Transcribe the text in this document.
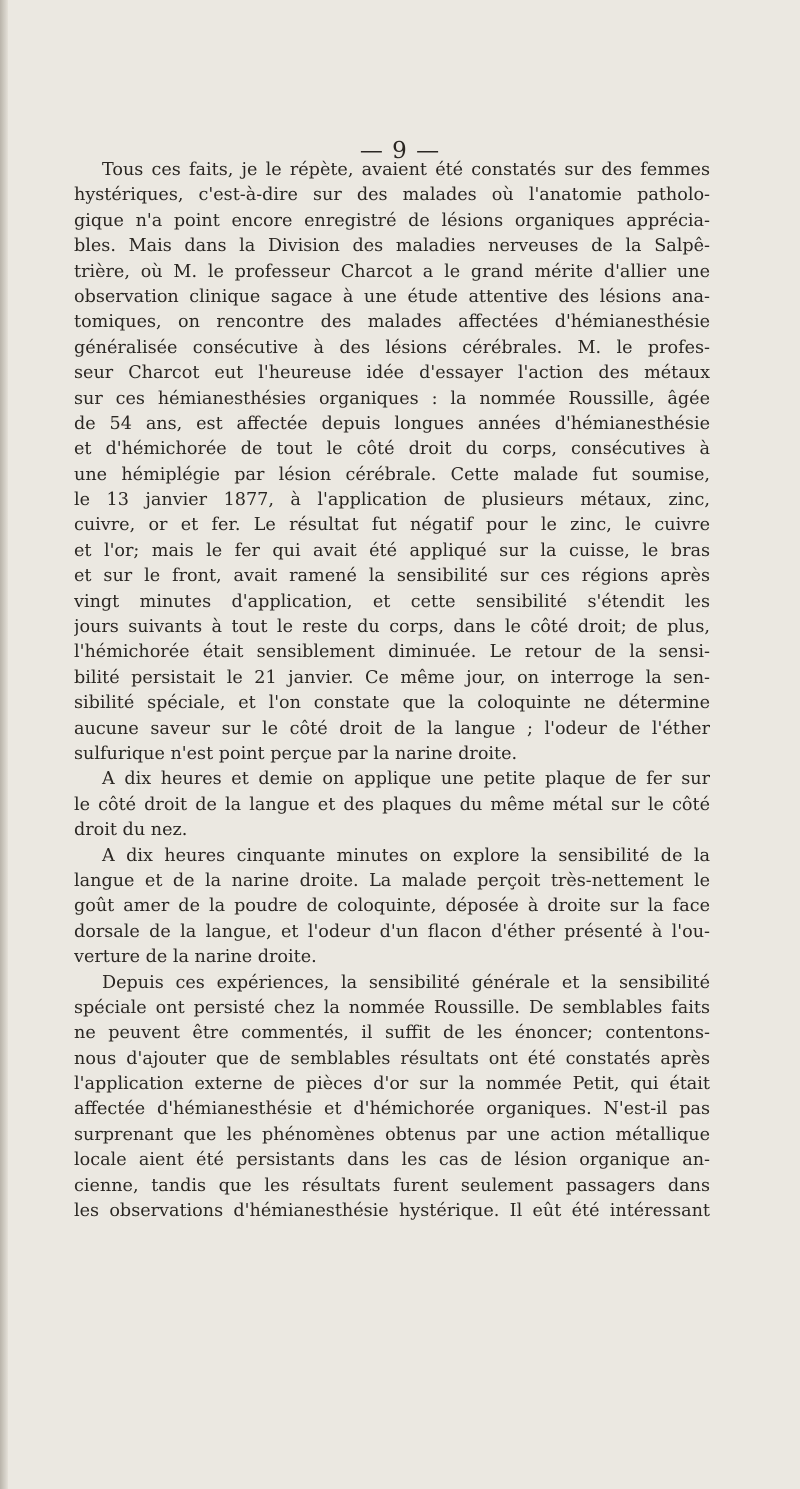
— 9 —
Tous ces faits, je le répète, avaient été constatés sur des femmes
hystériques, c'est-à-dire sur des malades où l'anatomie patholo-
gique n'a point encore enregistré de lésions organiques apprécia-
bles. Mais dans la Division des maladies nerveuses de la Salpê-
trière, où M. le professeur Charcot a le grand mérite d'allier une
observation clinique sagace à une étude attentive des lésions ana-
tomiques, on rencontre des malades affectées d'hémianesthésie
généralisée consécutive à des lésions cérébrales. M. le profes-
seur Charcot eut l'heureuse idée d'essayer l'action des métaux
sur ces hémianesthésies organiques : la nommée Roussille, âgée
de 54 ans, est affectée depuis longues années d'hémianesthésie
et d'hémichorée de tout le côté droit du corps, consécutives à
une hémiplégie par lésion cérébrale. Cette malade fut soumise,
le 13 janvier 1877, à l'application de plusieurs métaux, zinc,
cuivre, or et fer. Le résultat fut négatif pour le zinc, le cuivre
et l'or; mais le fer qui avait été appliqué sur la cuisse, le bras
et sur le front, avait ramené la sensibilité sur ces régions après
vingt minutes d'application, et cette sensibilité s'étendit les
jours suivants à tout le reste du corps, dans le côté droit; de plus,
l'hémichorée était sensiblement diminuée. Le retour de la sensi-
bilité persistait le 21 janvier. Ce même jour, on interroge la sen-
sibilité spéciale, et l'on constate que la coloquinte ne détermine
aucune saveur sur le côté droit de la langue ; l'odeur de l'éther
sulfurique n'est point perçue par la narine droite.
A dix heures et demie on applique une petite plaque de fer sur
le côté droit de la langue et des plaques du même métal sur le côté
droit du nez.
A dix heures cinquante minutes on explore la sensibilité de la
langue et de la narine droite. La malade perçoit très-nettement le
goût amer de la poudre de coloquinte, déposée à droite sur la face
dorsale de la langue, et l'odeur d'un flacon d'éther présenté à l'ou-
verture de la narine droite.
Depuis ces expériences, la sensibilité générale et la sensibilité
spéciale ont persisté chez la nommée Roussille. De semblables faits
ne peuvent être commentés, il suffit de les énoncer; contentons-
nous d'ajouter que de semblables résultats ont été constatés après
l'application externe de pièces d'or sur la nommée Petit, qui était
affectée d'hémianesthésie et d'hémichorée organiques. N'est-il pas
surprenant que les phénomènes obtenus par une action métallique
locale aient été persistants dans les cas de lésion organique an-
cienne, tandis que les résultats furent seulement passagers dans
les observations d'hémianesthésie hystérique. Il eût été intéressant
